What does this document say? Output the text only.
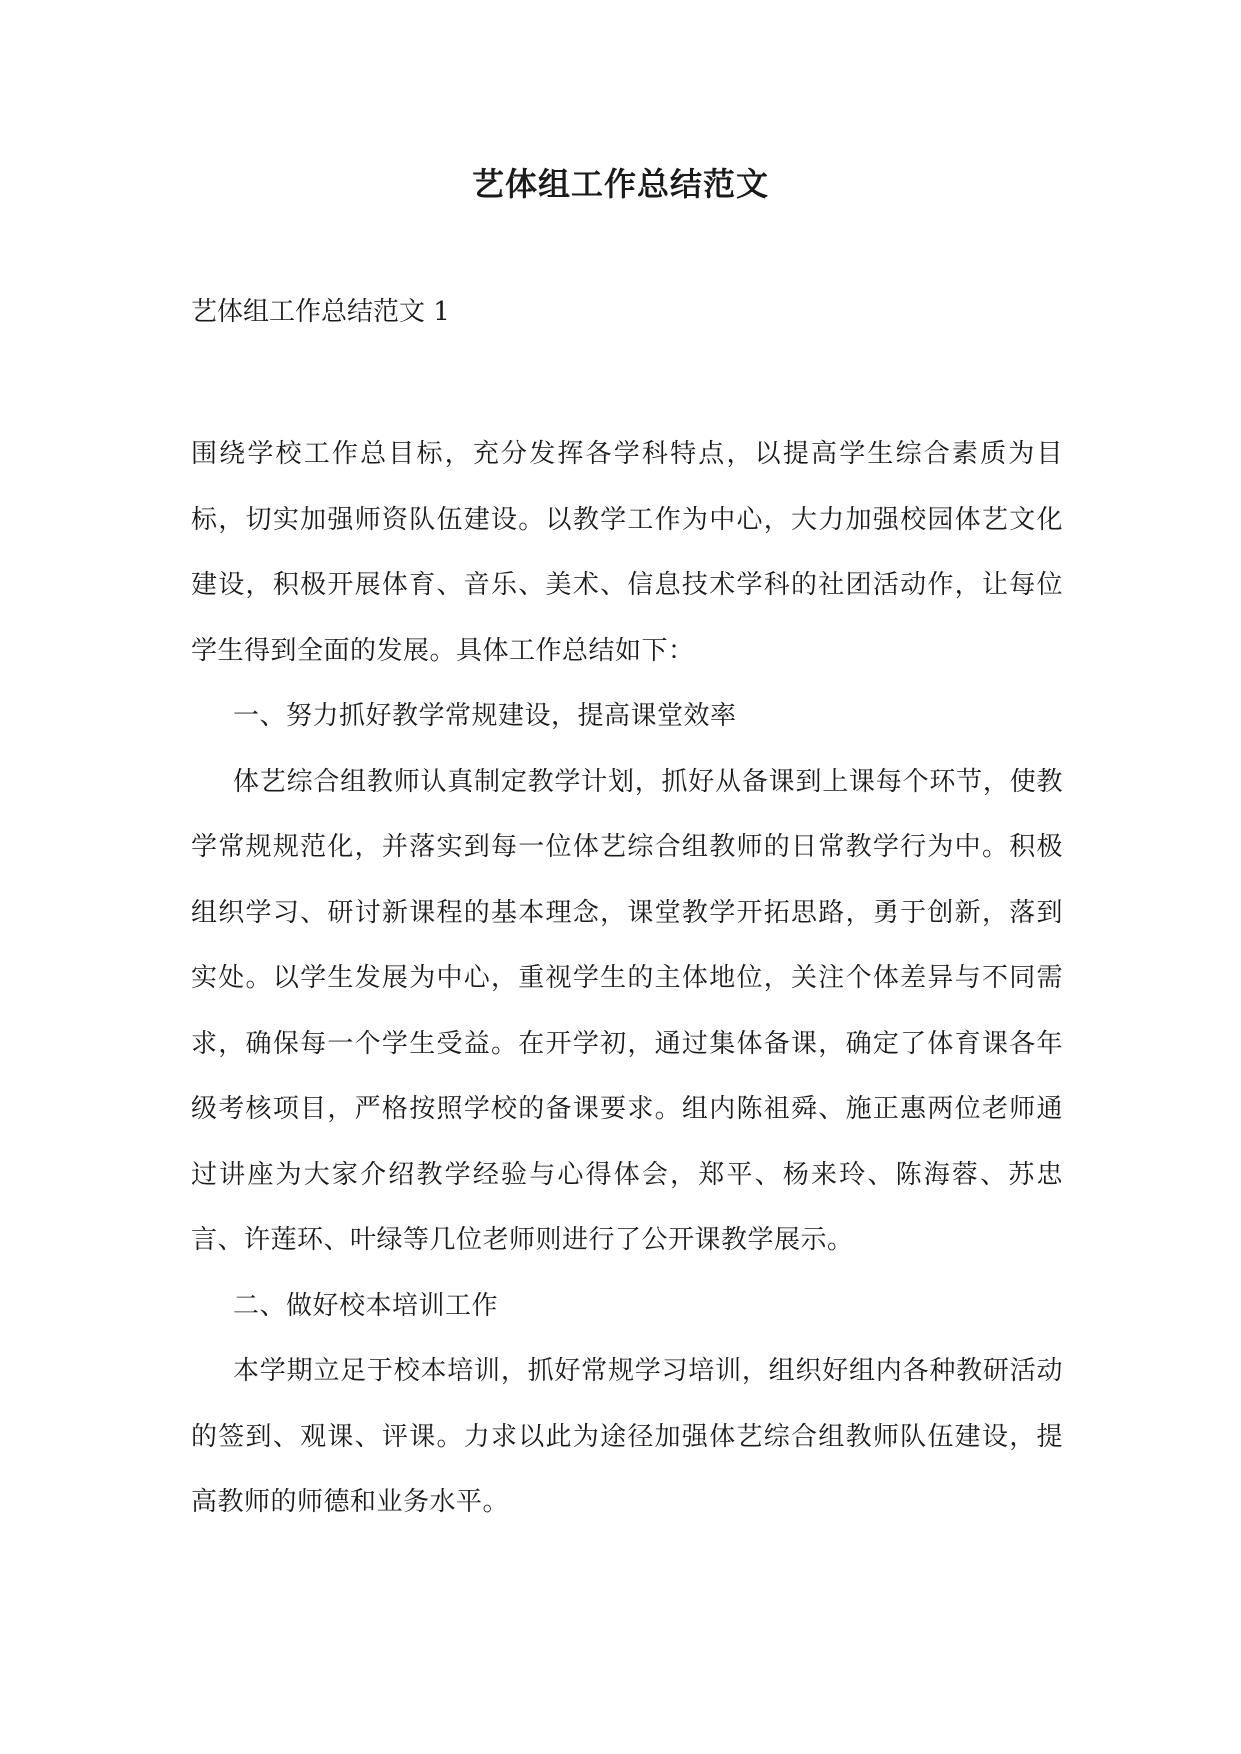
艺体组工作总结范文

艺体组工作总结范文 1

围绕学校工作总目标，充分发挥各学科特点，以提高学生综合素质为目标，切实加强师资队伍建设。以教学工作为中心，大力加强校园体艺文化建设，积极开展体育、音乐、美术、信息技术学科的社团活动作，让每位学生得到全面的发展。具体工作总结如下：

一、努力抓好教学常规建设，提高课堂效率

体艺综合组教师认真制定教学计划，抓好从备课到上课每个环节，使教学常规规范化，并落实到每一位体艺综合组教师的日常教学行为中。积极组织学习、研讨新课程的基本理念，课堂教学开拓思路，勇于创新，落到实处。以学生发展为中心，重视学生的主体地位，关注个体差异与不同需求，确保每一个学生受益。在开学初，通过集体备课，确定了体育课各年级考核项目，严格按照学校的备课要求。组内陈祖舜、施正惠两位老师通过讲座为大家介绍教学经验与心得体会，郑平、杨来玲、陈海蓉、苏忠言、许莲环、叶绿等几位老师则进行了公开课教学展示。

二、做好校本培训工作

本学期立足于校本培训，抓好常规学习培训，组织好组内各种教研活动的签到、观课、评课。力求以此为途径加强体艺综合组教师队伍建设，提高教师的师德和业务水平。
